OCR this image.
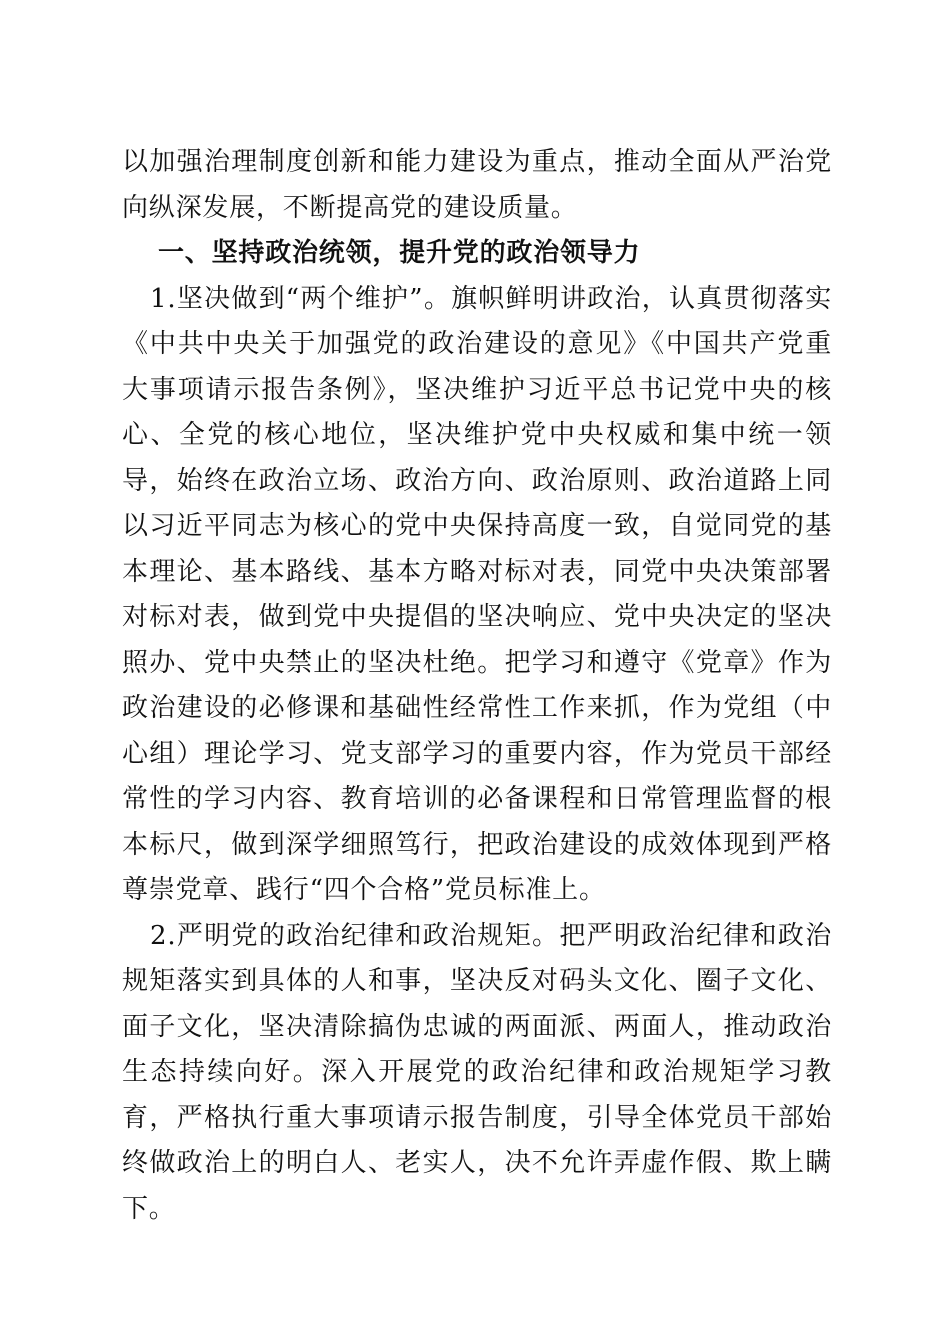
以加强治理制度创新和能力建设为重点，推动全面从严治党向纵深发展，不断提高党的建设质量。

一、坚持政治统领，提升党的政治领导力

1.坚决做到“两个维护”。旗帜鲜明讲政治，认真贯彻落实《中共中央关于加强党的政治建设的意见》《中国共产党重大事项请示报告条例》，坚决维护习近平总书记党中央的核心、全党的核心地位，坚决维护党中央权威和集中统一领导，始终在政治立场、政治方向、政治原则、政治道路上同以习近平同志为核心的党中央保持高度一致，自觉同党的基本理论、基本路线、基本方略对标对表，同党中央决策部署对标对表，做到党中央提倡的坚决响应、党中央决定的坚决照办、党中央禁止的坚决杜绝。把学习和遵守《党章》作为政治建设的必修课和基础性经常性工作来抓，作为党组（中心组）理论学习、党支部学习的重要内容，作为党员干部经常性的学习内容、教育培训的必备课程和日常管理监督的根本标尺，做到深学细照笃行，把政治建设的成效体现到严格尊崇党章、践行“四个合格”党员标准上。

2.严明党的政治纪律和政治规矩。把严明政治纪律和政治规矩落实到具体的人和事，坚决反对码头文化、圈子文化、面子文化，坚决清除搞伪忠诚的两面派、两面人，推动政治生态持续向好。深入开展党的政治纪律和政治规矩学习教育，严格执行重大事项请示报告制度，引导全体党员干部始终做政治上的明白人、老实人，决不允许弄虚作假、欺上瞒下。
